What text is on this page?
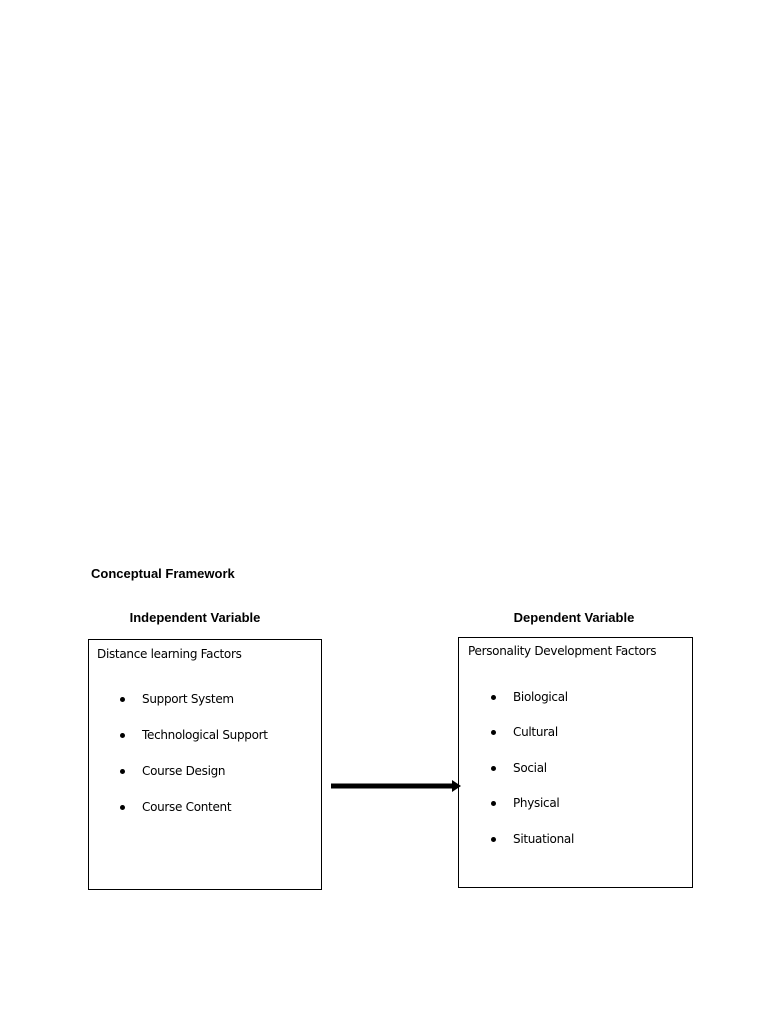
Conceptual Framework
Independent Variable	Dependent Variable
Distance learning Factors
Support System
Technological Support
Course Design
Course Content
Personality Development Factors
Biological
Cultural
Social
Physical
Situational
